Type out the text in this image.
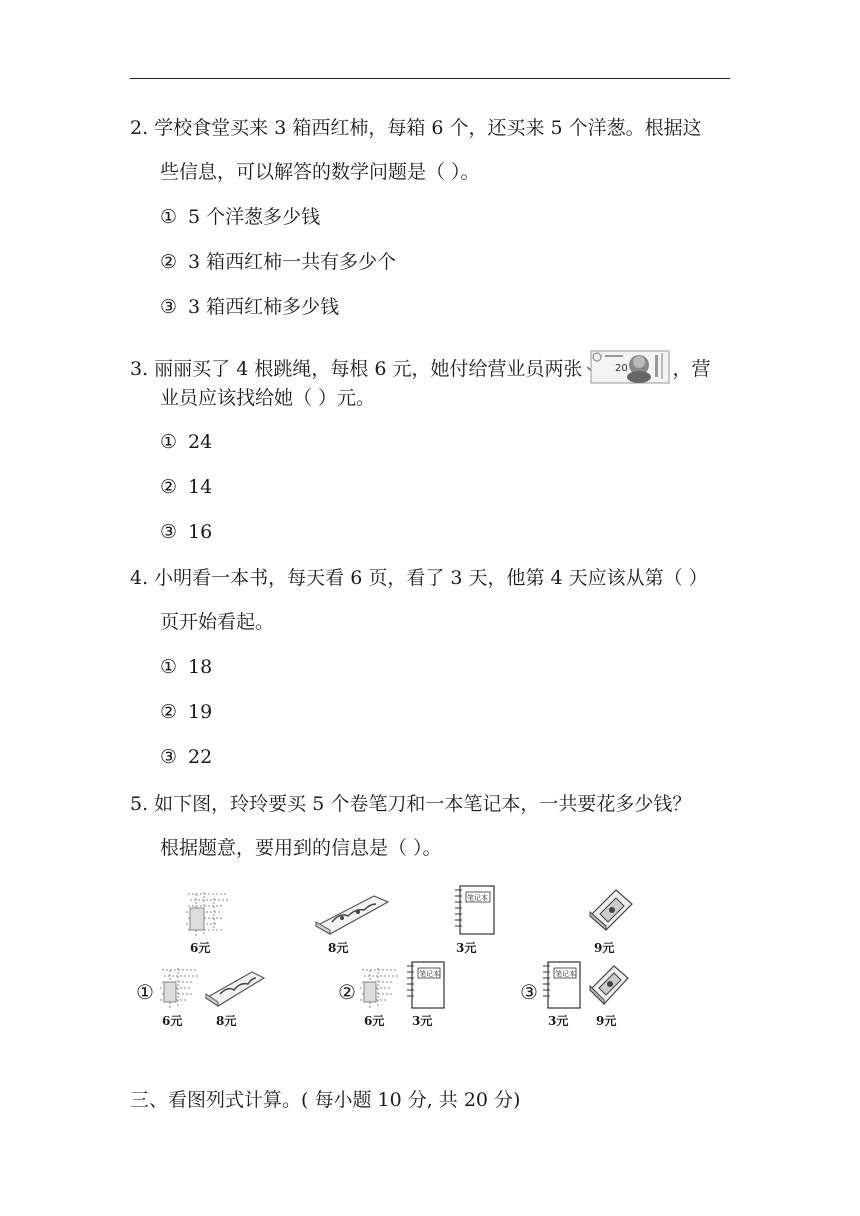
2. 学校食堂买来 3 箱西红柿，每箱 6 个，还买来 5 个洋葱。根据这
些信息，可以解答的数学问题是（ ）。
① 5 个洋葱多少钱
② 3 箱西红柿一共有多少个
③ 3 箱西红柿多少钱
3. 丽丽买了 4 根跳绳，每根 6 元，她付给营业员两张	20 ，营
业员应该找给她（ ）元。
① 24
② 14
③ 16
4. 小明看一本书，每天看 6 页，看了 3 天，他第 4 天应该从第（ ）
页开始看起。
① 18
② 19
③ 22
5. 如下图，玲玲要买 5 个卷笔刀和一本笔记本，一共要花多少钱？
根据题意，要用到的信息是（ ）。
6元	8元
笔记本
3元	9元
①
6元	8元
②
笔记本
6元 3元
③
笔记本
3元 9元
三、看图列式计算。( 每小题 10 分, 共 20 分)
